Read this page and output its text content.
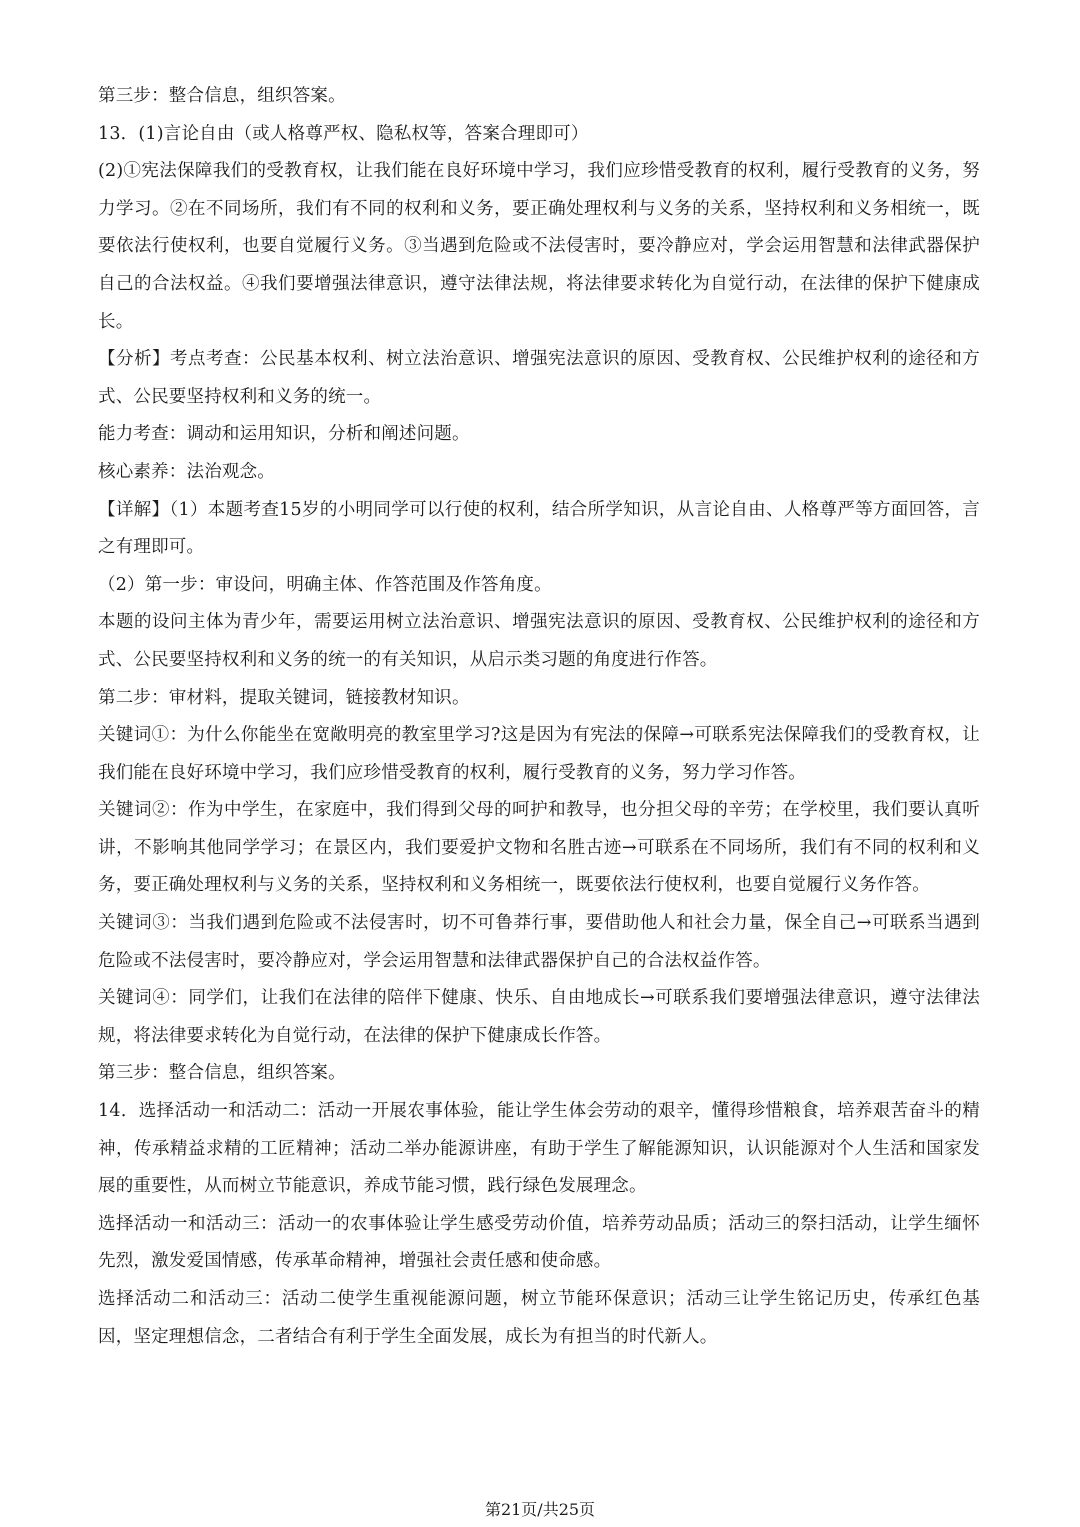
第三步：整合信息，组织答案。

13．(1)言论自由（或人格尊严权、隐私权等，答案合理即可）

(2)①宪法保障我们的受教育权，让我们能在良好环境中学习，我们应珍惜受教育的权利，履行受教育的义务，努力学习。②在不同场所，我们有不同的权利和义务，要正确处理权利与义务的关系，坚持权利和义务相统一，既要依法行使权利，也要自觉履行义务。③当遇到危险或不法侵害时，要冷静应对，学会运用智慧和法律武器保护自己的合法权益。④我们要增强法律意识，遵守法律法规，将法律要求转化为自觉行动，在法律的保护下健康成长。

【分析】考点考查：公民基本权利、树立法治意识、增强宪法意识的原因、受教育权、公民维护权利的途径和方式、公民要坚持权利和义务的统一。

能力考查：调动和运用知识，分析和阐述问题。

核心素养：法治观念。

【详解】（1）本题考查15岁的小明同学可以行使的权利，结合所学知识，从言论自由、人格尊严等方面回答，言之有理即可。

（2）第一步：审设问，明确主体、作答范围及作答角度。

本题的设问主体为青少年，需要运用树立法治意识、增强宪法意识的原因、受教育权、公民维护权利的途径和方式、公民要坚持权利和义务的统一的有关知识，从启示类习题的角度进行作答。

第二步：审材料，提取关键词，链接教材知识。

关键词①：为什么你能坐在宽敞明亮的教室里学习?这是因为有宪法的保障→可联系宪法保障我们的受教育权，让我们能在良好环境中学习，我们应珍惜受教育的权利，履行受教育的义务，努力学习作答。

关键词②：作为中学生，在家庭中，我们得到父母的呵护和教导，也分担父母的辛劳；在学校里，我们要认真听讲，不影响其他同学学习；在景区内，我们要爱护文物和名胜古迹→可联系在不同场所，我们有不同的权利和义务，要正确处理权利与义务的关系，坚持权利和义务相统一，既要依法行使权利，也要自觉履行义务作答。

关键词③：当我们遇到危险或不法侵害时，切不可鲁莽行事，要借助他人和社会力量，保全自己→可联系当遇到危险或不法侵害时，要冷静应对，学会运用智慧和法律武器保护自己的合法权益作答。

关键词④：同学们，让我们在法律的陪伴下健康、快乐、自由地成长→可联系我们要增强法律意识，遵守法律法规，将法律要求转化为自觉行动，在法律的保护下健康成长作答。

第三步：整合信息，组织答案。

14．选择活动一和活动二：活动一开展农事体验，能让学生体会劳动的艰辛，懂得珍惜粮食，培养艰苦奋斗的精神，传承精益求精的工匠精神；活动二举办能源讲座，有助于学生了解能源知识，认识能源对个人生活和国家发展的重要性，从而树立节能意识，养成节能习惯，践行绿色发展理念。

选择活动一和活动三：活动一的农事体验让学生感受劳动价值，培养劳动品质；活动三的祭扫活动，让学生缅怀先烈，激发爱国情感，传承革命精神，增强社会责任感和使命感。

选择活动二和活动三：活动二使学生重视能源问题，树立节能环保意识；活动三让学生铭记历史，传承红色基因，坚定理想信念，二者结合有利于学生全面发展，成长为有担当的时代新人。

第21页/共25页
